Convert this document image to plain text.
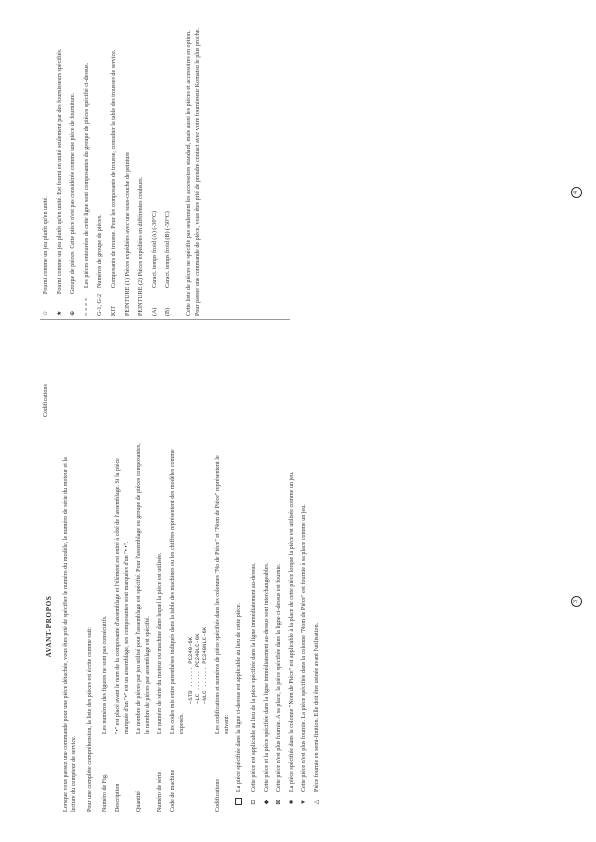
AVANT-PROPOS Lorsque vous passez une commande pour une pièce détachée, vous êtes prié de spécifier le numéro du modèle, le numéro de série du moteur et la lecture du compteur de service. Pour une complète compréhension, la liste des pièces est écrite comme suit: Numéro de Fig.
Les numéros des figures ne sont pas consécutifs.
Description
"•" est placé avant le nom de la composante d'assemblage et l'élément est entré à côté de l'assemblage. Si la pièce marquée d'un "•" est un assemblage, ses composantes sont marquées d'un "• •".
Quantité
Le nombre de pièces par jeu utilisé pour l'assemblage est spécifié. Pour l'assemblage ou groupe de pièces composantes, le nombre de pièces par assemblage est spécifié.
Numéro de série
Le numéro de série du moteur ou machine dans lequel la pièce est utilisée.
Code de machine
Les codes mis entre parenthèses indiqués dans la table des machines ou les chiffres représentent des modèles comme exposés.
—STD ...... PC240-6K —LC ...... PC240LC-6K —NLC ...... PC240NLC-6K
Codifications
Les codifications et numéros de pièce spécifiés dans les colonnes "No de Pièce" et "Nom de Pièce" représentent le suivant: La pièce spécifiée dans la ligne ci-dessus est applicable au lieu de cette pièce.
⊡
Cette pièce est applicable au lieu de la pièce spécifiée dans la ligne immédiatement au-dessus.
◆
Cette pièce et la pièce spécifiée dans la ligne immédiatement au-dessus sont interchangeables.
⊠
Cette pièce n'est plus fournie. A sa place, la pièce spécifiée dans la ligne ci-dessus est fournie.
■
La pièce spécifiée dans la colonne "Nom de Pièce" est applicable à la place de cette pièce lorque la pièce est utilisée comme un jeu.
▼
Cette pièce n'est plus fournie. La pièce spécifiée dans la colonne "Nom de Pièce" est fournie à sa place comme un jeu.
△
Pièce fournie en semi-finition. Elle doit être usinée avant l'utilisation.
3
Codifications
☆
Fourni comme un jeu plutôt qu'en unité.
★
Fourni comme un jeu plutôt qu'en unité. Est fourni en unité seulement par des fournisseurs spécifiés.
⊕
Groupe de pièces. Cette pièce n'est pas considérée comme une pièce de fourniture.
= = = =
Les pièces entourées de cette ligne sont composantes du groupe de pièces spécifié ci-dessus.
G-1, G-2
Numéros de groupe de pièces.
KIT
Composants de trousse. Pour les composants de trousse, consulter la table des trousses de service. PEINTURE (1) Pièces expédiées avec une sous-couche de peinture PEINTURE (2) Pièces expédiées en différentes couleurs. (A)
Caract. temps froid (A) (-30°C)
(B)
Caract. temps froid (B) (-50°C) Cette liste de pièces ne spécifie pas seulement les accessoires standard, mais aussi les pièces et accessoires en option. Pour passer une commande de pièce, vous êtes prié de prendre contact avec votre fournisseur Komatsu le plus proche.	4
